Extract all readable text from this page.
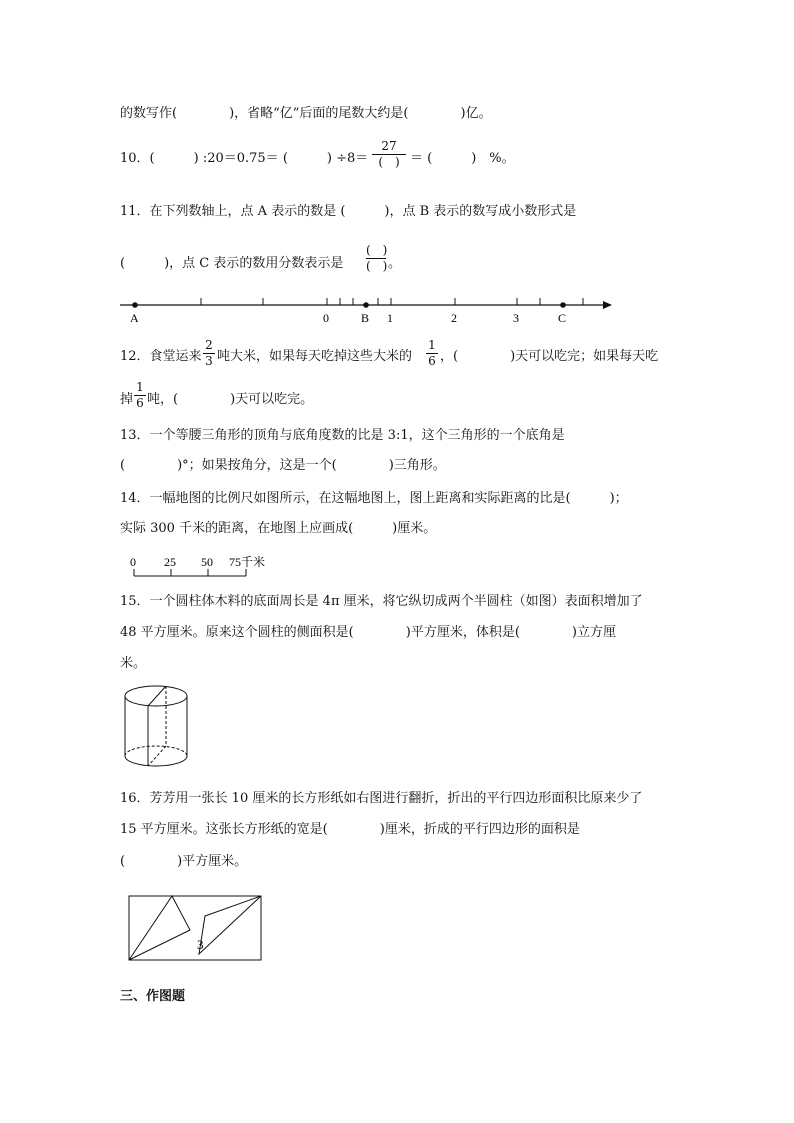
的数写作(　　　　)，省略“亿”后面的尾数大约是(　　　　)亿。
10．(　　　) :20＝0.75＝ (　　　) ÷8＝
27
(　) ＝ (　　　)　%。
11．在下列数轴上，点 A 表示的数是 (　　　)，点 B 表示的数写成小数形式是
(　　　)，点 C 表示的数用分数表示是
(　)
(　) 。
A	0	B 1	2	3	C
12．食堂运来
2
3 吨大米，如果每天吃掉这些大米的
1
6 ，(　　　　)天可以吃完；如果每天吃
掉
1
6 吨，(　　　　)天可以吃完。
13．一个等腰三角形的顶角与底角度数的比是 3:1，这个三角形的一个底角是
(　　　　)°；如果按角分，这是一个(　　　　)三角形。
14．一幅地图的比例尺如图所示，在这幅地图上，图上距离和实际距离的比是(　　　)；
实际 300 千米的距离，在地图上应画成(　　　)厘米。
0 25 50 75千米
15．一个圆柱体木料的底面周长是 4π 厘米，将它纵切成两个半圆柱（如图）表面积增加了
48 平方厘米。原来这个圆柱的侧面积是(　　　　)平方厘米，体积是(　　　　)立方厘
米。
16．芳芳用一张长 10 厘米的长方形纸如右图进行翻折，折出的平行四边形面积比原来少了
15 平方厘米。这张长方形纸的宽是(　　　　)厘米，折成的平行四边形的面积是
(　　　　)平方厘米。
3
三、作图题
